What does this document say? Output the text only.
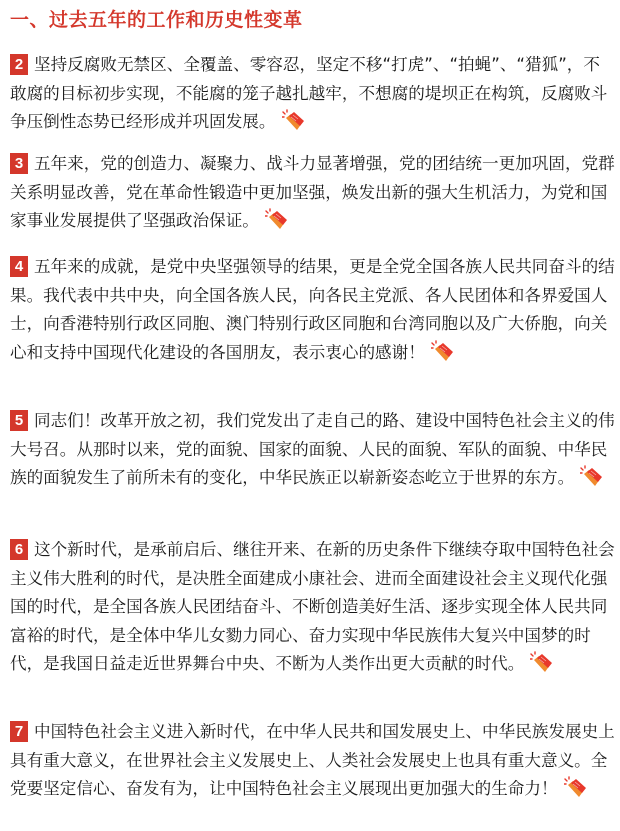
一、过去五年的工作和历史性变革

2 坚持反腐败无禁区、全覆盖、零容忍，坚定不移“打虎”、“拍蝇”、“猎狐”，不敢腐的目标初步实现，不能腐的笼子越扎越牢，不想腐的堤坝正在构筑，反腐败斗争压倒性态势已经形成并巩固发展。

3 五年来，党的创造力、凝聚力、战斗力显著增强，党的团结统一更加巩固，党群关系明显改善，党在革命性锻造中更加坚强，焕发出新的强大生机活力，为党和国家事业发展提供了坚强政治保证。

4 五年来的成就，是党中央坚强领导的结果，更是全党全国各族人民共同奋斗的结果。我代表中共中央，向全国各族人民，向各民主党派、各人民团体和各界爱国人士，向香港特别行政区同胞、澳门特别行政区同胞和台湾同胞以及广大侨胞，向关心和支持中国现代化建设的各国朋友，表示衷心的感谢！

5 同志们！改革开放之初，我们党发出了走自己的路、建设中国特色社会主义的伟大号召。从那时以来，党的面貌、国家的面貌、人民的面貌、军队的面貌、中华民族的面貌发生了前所未有的变化，中华民族正以崭新姿态屹立于世界的东方。

6 这个新时代，是承前启后、继往开来、在新的历史条件下继续夺取中国特色社会主义伟大胜利的时代，是决胜全面建成小康社会、进而全面建设社会主义现代化强国的时代，是全国各族人民团结奋斗、不断创造美好生活、逐步实现全体人民共同富裕的时代，是全体中华儿女勠力同心、奋力实现中华民族伟大复兴中国梦的时代，是我国日益走近世界舞台中央、不断为人类作出更大贡献的时代。

7 中国特色社会主义进入新时代，在中华人民共和国发展史上、中华民族发展史上具有重大意义，在世界社会主义发展史上、人类社会发展史上也具有重大意义。全党要坚定信心、奋发有为，让中国特色社会主义展现出更加强大的生命力！
